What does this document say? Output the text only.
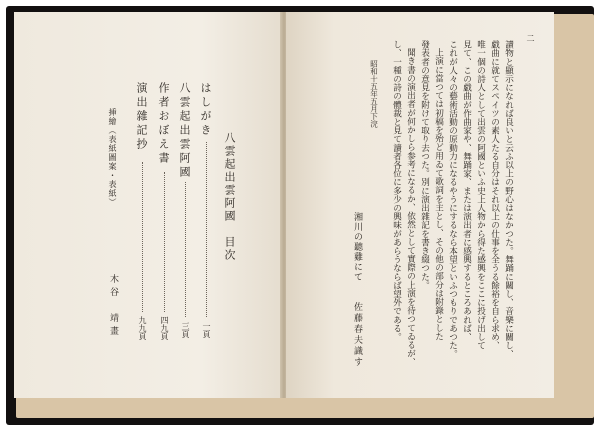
八雲起出雲阿國　目次
はしがき
一頁
八雲起出雲阿國
三頁
作者おぼえ書
四九頁
演出雜記抄
九九頁
挿繪（表紙圖案・表紙）
木谷　靖畫
二
讀物と顯示になれば良いと云ふ以上の野心はなかつた。舞踊に關し、音樂に關し、
戯曲に就てスペイツの素人たる自分はそれ以上の仕事を全うる餘裕を自ら求め、
唯一個の詩人として出雲の阿國といふ史上人物から得た感興をここに投げ出して
見て、この戯曲が作曲家や、舞踊家、または演出者に感興するところあれば、
これが人々の藝術活動の原動力になるやうにするなら本望といふつもりであつた。
上演に當つては初稿を殆ど用ゐて歌詞を主とし、その他の部分は附錄とした
發表者の意見を附けて取り去つた。別に演出雜記を書き綴つた。
聞き書の演出者が何かしら参考になるか、依然として實際の上演を待つてゐるが、
し、一種の詩の體裁と見て讀者各位に多少の興味があらうならば望外である。
昭和十五年五月下浣
湘川の聽雞にて
佐藤春夫識す
